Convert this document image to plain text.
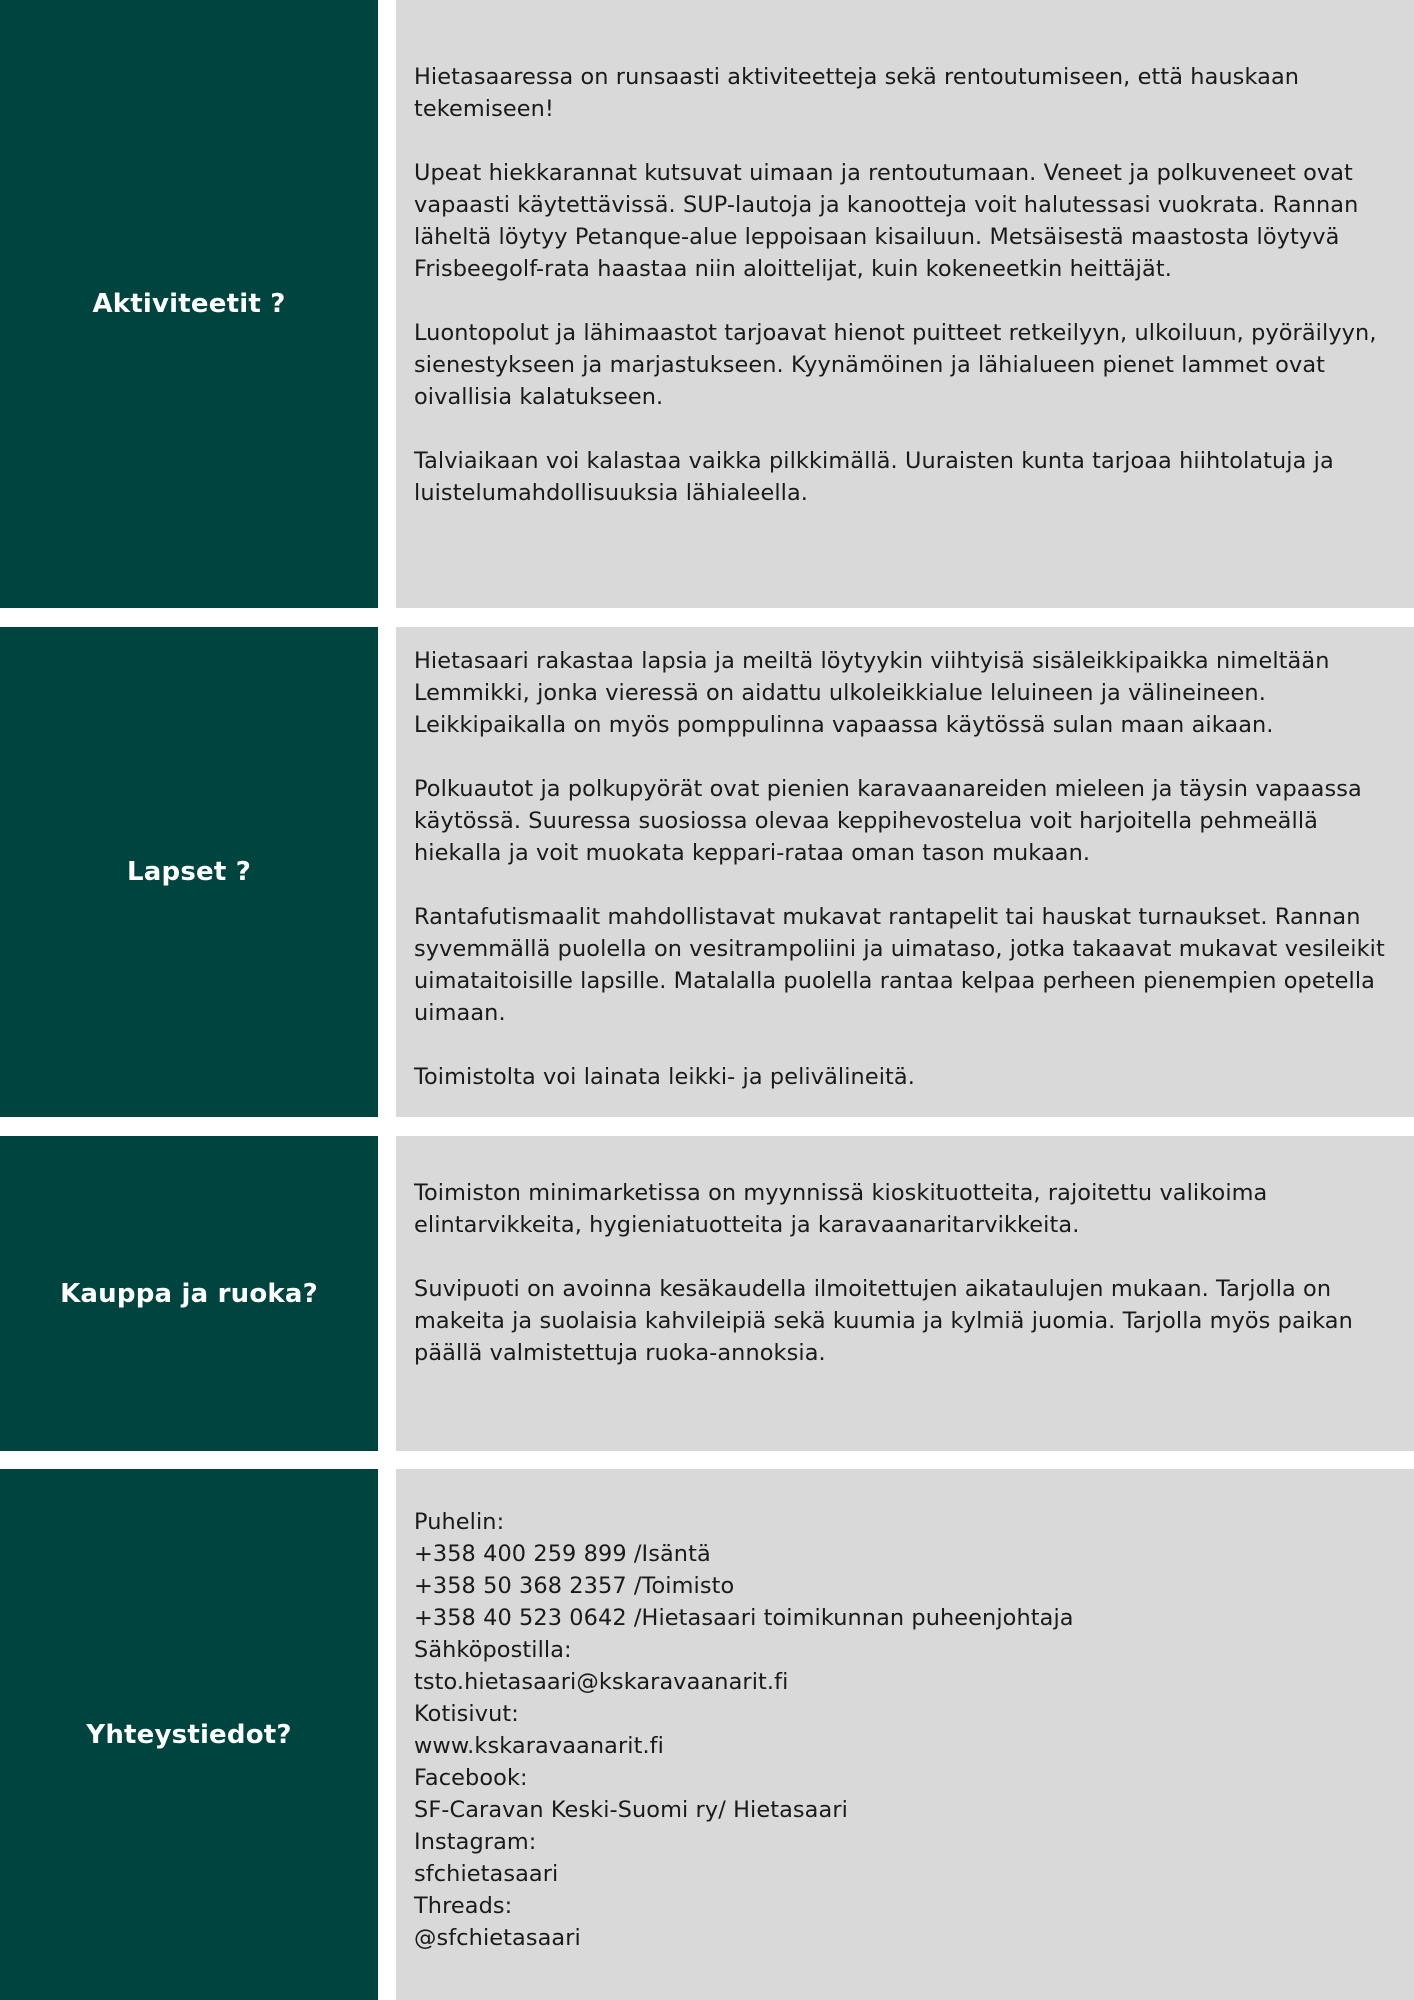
Aktiviteetit ?

Hietasaaressa on runsaasti aktiviteetteja sekä rentoutumiseen, että hauskaan tekemiseen!

Upeat hiekkarannat kutsuvat uimaan ja rentoutumaan. Veneet ja polkuveneet ovat vapaasti käytettävissä. SUP-lautoja ja kanootteja voit halutessasi vuokrata. Rannan läheltä löytyy Petanque-alue leppoisaan kisailuun. Metsäisestä maastosta löytyvä Frisbeegolf-rata haastaa niin aloittelijat, kuin kokeneetkin heittäjät.

Luontopolut ja lähimaastot tarjoavat hienot puitteet retkeilyyn, ulkoiluun, pyöräilyyn, sienestykseen ja marjastukseen. Kyynämöinen ja lähialueen pienet lammet ovat oivallisia kalatukseen.

Talviaikaan voi kalastaa vaikka pilkkimällä. Uuraisten kunta tarjoaa hiihtolatuja ja luistelumahdollisuuksia lähialeella.

Lapset ?

Hietasaari rakastaa lapsia ja meiltä löytyykin viihtyisä sisäleikkipaikka nimeltään Lemmikki, jonka vieressä on aidattu ulkoleikkialue leluineen ja välineineen. Leikkipaikalla on myös pomppulinna vapaassa käytössä sulan maan aikaan.

Polkuautot ja polkupyörät ovat pienien karavaanareiden mieleen ja täysin vapaassa käytössä. Suuressa suosiossa olevaa keppihevostelua voit harjoitella pehmeällä hiekalla ja voit muokata keppari-rataa oman tason mukaan.

Rantafutismaalit mahdollistavat mukavat rantapelit tai hauskat turnaukset. Rannan syvemmällä puolella on vesitrampoliini ja uimataso, jotka takaavat mukavat vesileikit uimataitoisille lapsille. Matalalla puolella rantaa kelpaa perheen pienempien opetella uimaan.

Toimistolta voi lainata leikki- ja pelivälineitä.

Kauppa ja ruoka?

Toimiston minimarketissa on myynnissä kioskituotteita, rajoitettu valikoima elintarvikkeita, hygieniatuotteita ja karavaanaritarvikkeita.

Suvipuoti on avoinna kesäkaudella ilmoitettujen aikataulujen mukaan. Tarjolla on makeita ja suolaisia kahvileipiä sekä kuumia ja kylmiä juomia. Tarjolla myös paikan päällä valmistettuja ruoka-annoksia.

Yhteystiedot?
Puhelin:
+358 400 259 899 /Isäntä
+358 50 368 2357 /Toimisto
+358 40 523 0642 /Hietasaari toimikunnan puheenjohtaja
Sähköpostilla:
tsto.hietasaari@kskaravaanarit.fi
Kotisivut:
www.kskaravaanarit.fi
Facebook:
SF-Caravan Keski-Suomi ry/ Hietasaari
Instagram:
sfchietasaari
Threads:
@sfchietasaari
